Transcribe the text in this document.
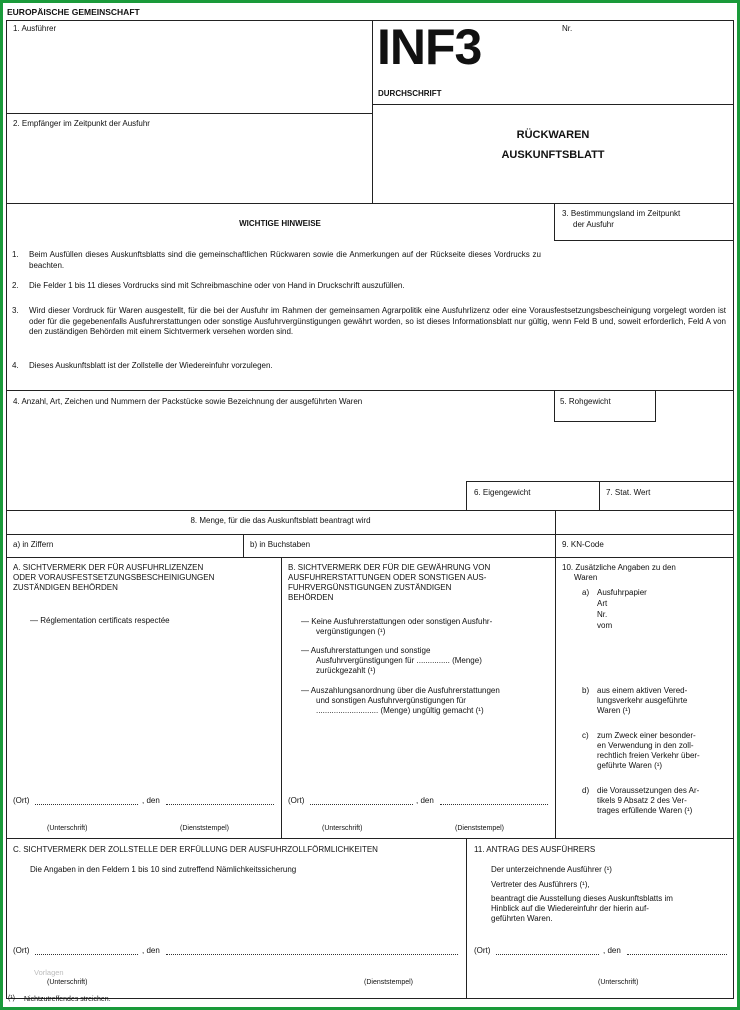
EUROPÄISCHE GEMEINSCHAFT
1. Ausführer	INF3	Nr.
DURCHSCHRIFT
2. Empfänger im Zeitpunkt der Ausfuhr
RÜCKWAREN
AUSKUNFTSBLATT
WICHTIGE HINWEISE
1. Beim Ausfüllen dieses Auskunftsblatts sind die gemeinschaftlichen Rückwaren sowie die Anmerkungen auf der Rückseite dieses Vordrucks zu beachten.
2. Die Felder 1 bis 11 dieses Vordrucks sind mit Schreibmaschine oder von Hand in Druckschrift auszufüllen.
3. Wird dieser Vordruck für Waren ausgestellt, für die bei der Ausfuhr im Rahmen der gemeinsamen Agrarpolitik eine Ausfuhrlizenz oder eine Vorausfestsetzungsbescheinigung vorgelegt worden ist oder für die gegebenenfalls Ausfuhrerstattungen oder sonstige Ausfuhrvergünstigungen gewährt worden, so ist dieses Informationsblatt nur gültig, wenn Feld B und, soweit erforderlich, Feld A von den zuständigen Behörden mit einem Sichtvermerk versehen worden sind.
4. Dieses Auskunftsblatt ist der Zollstelle der Wiedereinfuhr vorzulegen.
3. Bestimmungsland im Zeitpunkt
der Ausfuhr
4. Anzahl, Art, Zeichen und Nummern der Packstücke sowie Bezeichnung der ausgeführten Waren	5. Rohgewicht
6. Eigengewicht	7. Stat. Wert
8. Menge, für die das Auskunftsblatt beantragt wird
a) in Ziffern	b) in Buchstaben	9. KN-Code
A. SICHTVERMERK DER FÜR AUSFUHRLIZENZEN
ODER VORAUSFESTSETZUNGSBESCHEINIGUNGEN
ZUSTÄNDIGEN BEHÖRDEN
— Réglementation certificats respectée
(Ort)	, den
(Unterschrift)	(Dienststempel)
B. SICHTVERMERK DER FÜR DIE GEWÄHRUNG VON
AUSFUHRERSTATTUNGEN ODER SONSTIGEN AUS-
FUHRVERGÜNSTIGUNGEN ZUSTÄNDIGEN
BEHÖRDEN
— Keine Ausfuhrerstattungen oder sonstigen Ausfuhr-
vergünstigungen (¹)
— Ausfuhrerstattungen und sonstige
Ausfuhrvergünstigungen für ............... (Menge)
zurückgezahlt (¹)
— Auszahlungsanordnung über die Ausfuhrerstattungen
und sonstigen Ausfuhrvergünstigungen für
............................ (Menge) ungültig gemacht (¹)
(Ort)	, den
(Unterschrift)	(Dienststempel)
10. Zusätzliche Angaben zu den
Waren
a) Ausfuhrpapier
Art
Nr.
vom
b) aus einem aktiven Vered-
lungsverkehr ausgeführte
Waren (¹)
c) zum Zweck einer besonder-
en Verwendung in den zoll-
rechtlich freien Verkehr über-
geführte Waren (¹)
d) die Voraussetzungen des Ar-
tikels 9 Absatz 2 des Ver-
trages erfüllende Waren (¹)
C. SICHTVERMERK DER ZOLLSTELLE DER ERFÜLLUNG DER AUSFUHRZOLLFÖRMLICHKEITEN
Die Angaben in den Feldern 1 bis 10 sind zutreffend Nämlichkeitssicherung
(Ort)	, den
(Unterschrift)	(Dienststempel)
Vorlagen
11. ANTRAG DES AUSFÜHRERS
Der unterzeichnende Ausführer (¹)
Vertreter des Ausführers (¹),
beantragt die Ausstellung dieses Auskunftsblatts im
Hinblick auf die Wiedereinfuhr der hierin auf-
geführten Waren.
(Ort)	, den
(Unterschrift)
(¹) Nichtzutreffendes streichen.
